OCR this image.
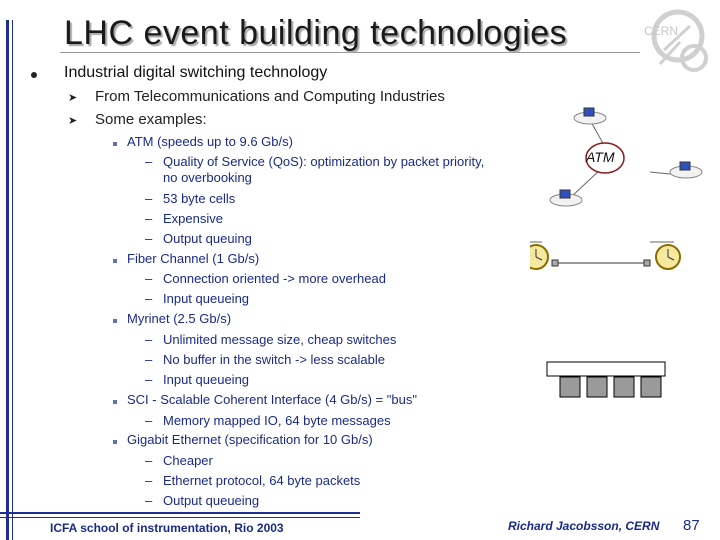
LHC event building technologies	CERN
Industrial digital switching technology
➤ From Telecommunications and Computing Industries
➤ Some examples:
ATM (speeds up to 9.6 Gb/s)
– Quality of Service (QoS): optimization by packet priority,
no overbooking
– 53 byte cells
– Expensive
– Output queuing
Fiber Channel (1 Gb/s)
– Connection oriented -> more overhead
– Input queueing
Myrinet (2.5 Gb/s)
– Unlimited message size, cheap switches
– No buffer in the switch -> less scalable
– Input queueing
SCI - Scalable Coherent Interface (4 Gb/s) = "bus"
– Memory mapped IO, 64 byte messages
Gigabit Ethernet (specification for 10 Gb/s)
– Cheaper
– Ethernet protocol, 64 byte packets
– Output queueing
ATM
ICFA school of instrumentation, Rio 2003	Richard Jacobsson, CERN 87
